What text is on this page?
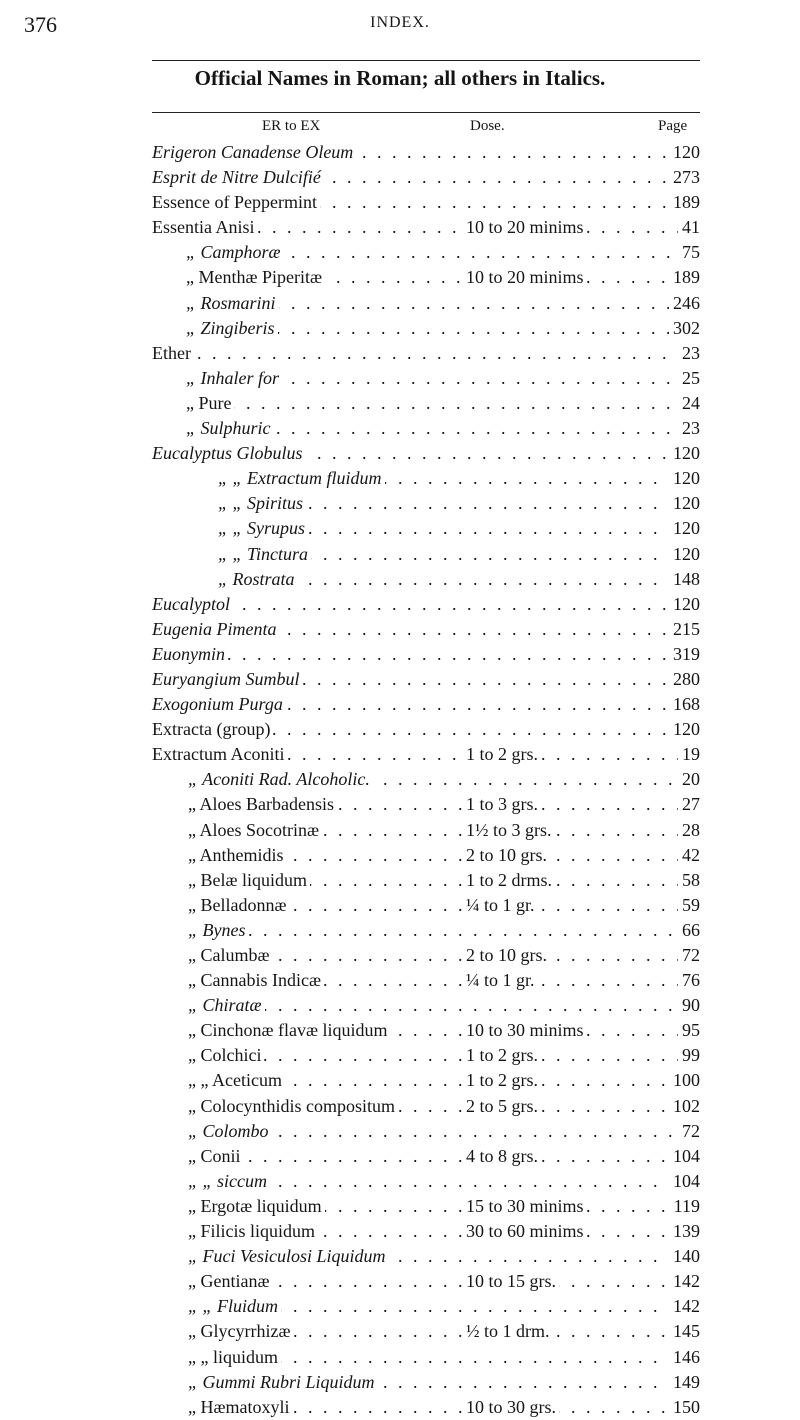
376	INDEX.
Official Names in Roman; all others in Italics.
ER to EX	Dose.	Page
. . .
Erigeron Canadense Oleum	120
. . .
Esprit de Nitre Dulcifié	273
. . .
Essence of Peppermint	189
. . .
. . .
Essentia Anisi	10 to 20 minims	41
. . .
„ Camphoræ	75
. . .
. . .
„ Menthæ Piperitæ	10 to 20 minims	189
. . .
„ Rosmarini	246
. . .
„ Zingiberis	302
. . .
Ether	23
. . .
„ Inhaler for	25
. . .
„ Pure	24
. . .
„ Sulphuric	23
. . .
Eucalyptus Globulus	120
. . .
„ „ Extractum fluidum	120
. . .
„ „ Spiritus	120
. . .
„ „ Syrupus	120
. . .
„ „ Tinctura	120
. . .
„ Rostrata	148
. . .
Eucalyptol	120
. . .
Eugenia Pimenta	215
. . .
Euonymin	319
. . .
Euryangium Sumbul	280
. . .
Exogonium Purga	168
. . .
Extracta (group)	120
. . .
. . .
Extractum Aconiti	1 to 2 grs.	19
. . .
„ Aconiti Rad. Alcoholic.	20
. . .
. . .
„ Aloes Barbadensis	1 to 3 grs.	27
. . .
. . .
„ Aloes Socotrinæ	1½ to 3 grs.	28
. . .
. . .
„ Anthemidis	2 to 10 grs.	42
. . .
. . .
„ Belæ liquidum	1 to 2 drms.	58
. . .
. . .
„ Belladonnæ	¼ to 1 gr.	59
. . .
„ Bynes	66
. . .
. . .
„ Calumbæ	2 to 10 grs.	72
. . .
. . .
„ Cannabis Indicæ	¼ to 1 gr.	76
. . .
„ Chiratæ	90
. . .
. . .
„ Cinchonæ flavæ liquidum	10 to 30 minims	95
. . .
. . .
„ Colchici	1 to 2 grs.	99
. . .
. . .
„ „ Aceticum	1 to 2 grs.	100
. . .
. . .
„ Colocynthidis compositum	2 to 5 grs.	102
. . .
„ Colombo	72
. . .
. . .
„ Conii	4 to 8 grs.	104
. . .
„ „ siccum	104
. . .
. . .
„ Ergotæ liquidum	15 to 30 minims	119
. . .
. . .
„ Filicis liquidum	30 to 60 minims	139
. . .
„ Fuci Vesiculosi Liquidum	140
. . .
. . .
„ Gentianæ	10 to 15 grs.	142
. . .
„ „ Fluidum	142
. . .
. . .
„ Glycyrrhizæ	½ to 1 drm.	145
. . .
„ „ liquidum	146
. . .
„ Gummi Rubri Liquidum	149
. . .
. . .
„ Hæmatoxyli	10 to 30 grs.	150
